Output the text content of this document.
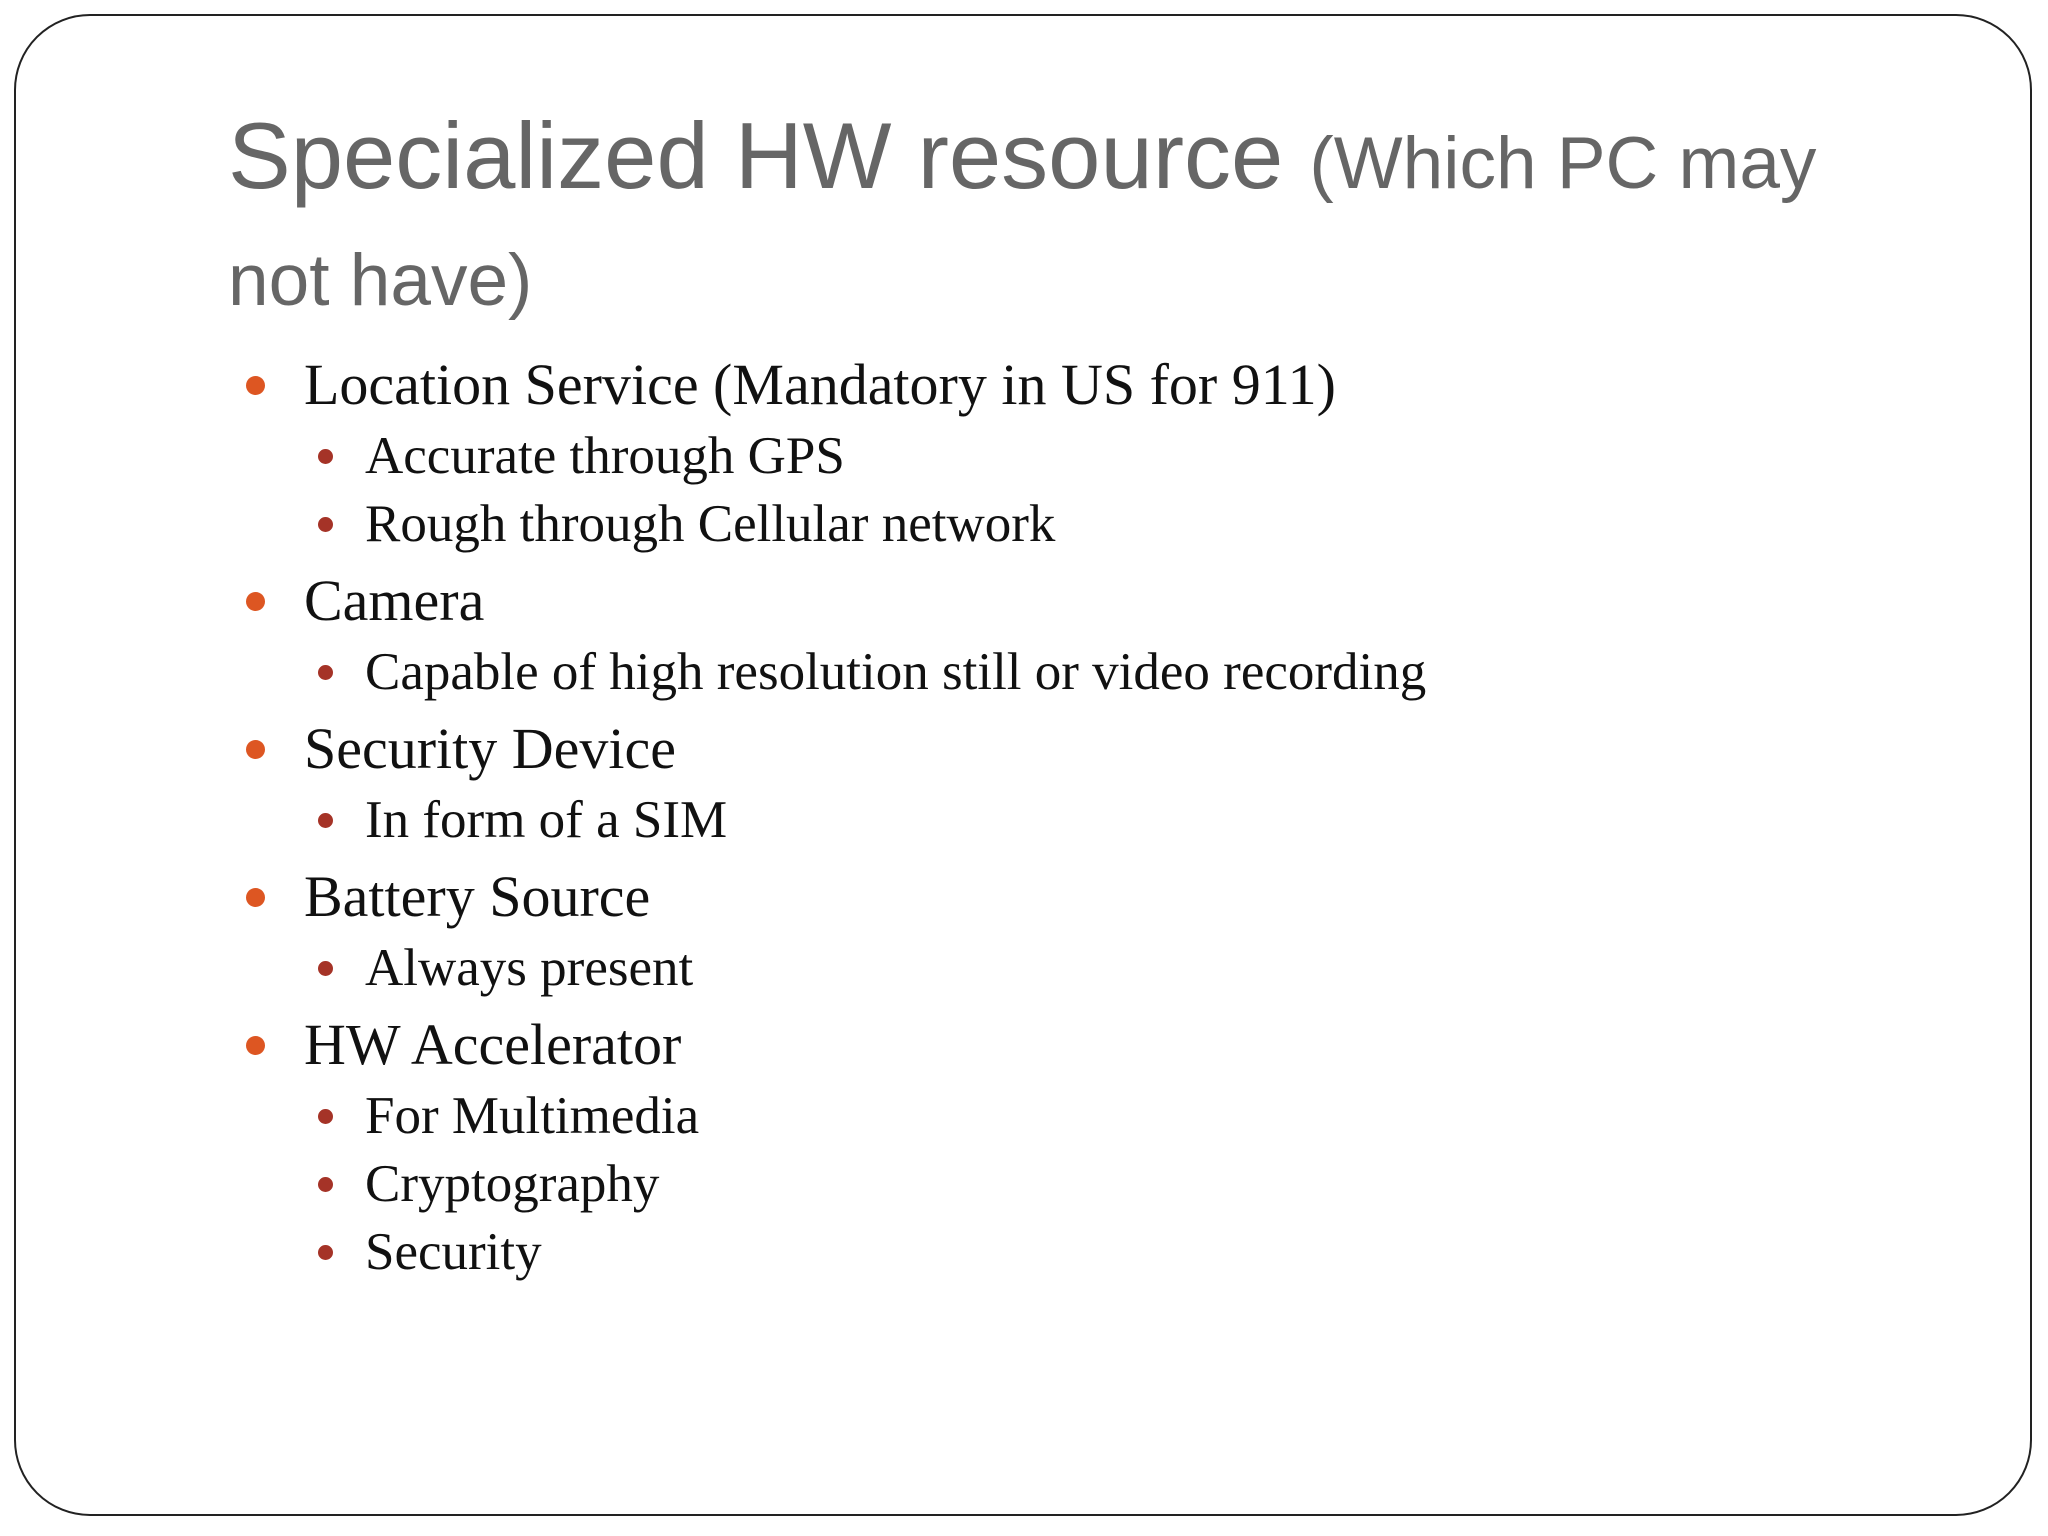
Specialized HW resource (Which PC may not have)
Location Service (Mandatory in US for 911)
Accurate through GPS
Rough through Cellular network
Camera
Capable of high resolution still or video recording
Security Device
In form of a SIM
Battery Source
Always present
HW Accelerator
For Multimedia
Cryptography
Security
